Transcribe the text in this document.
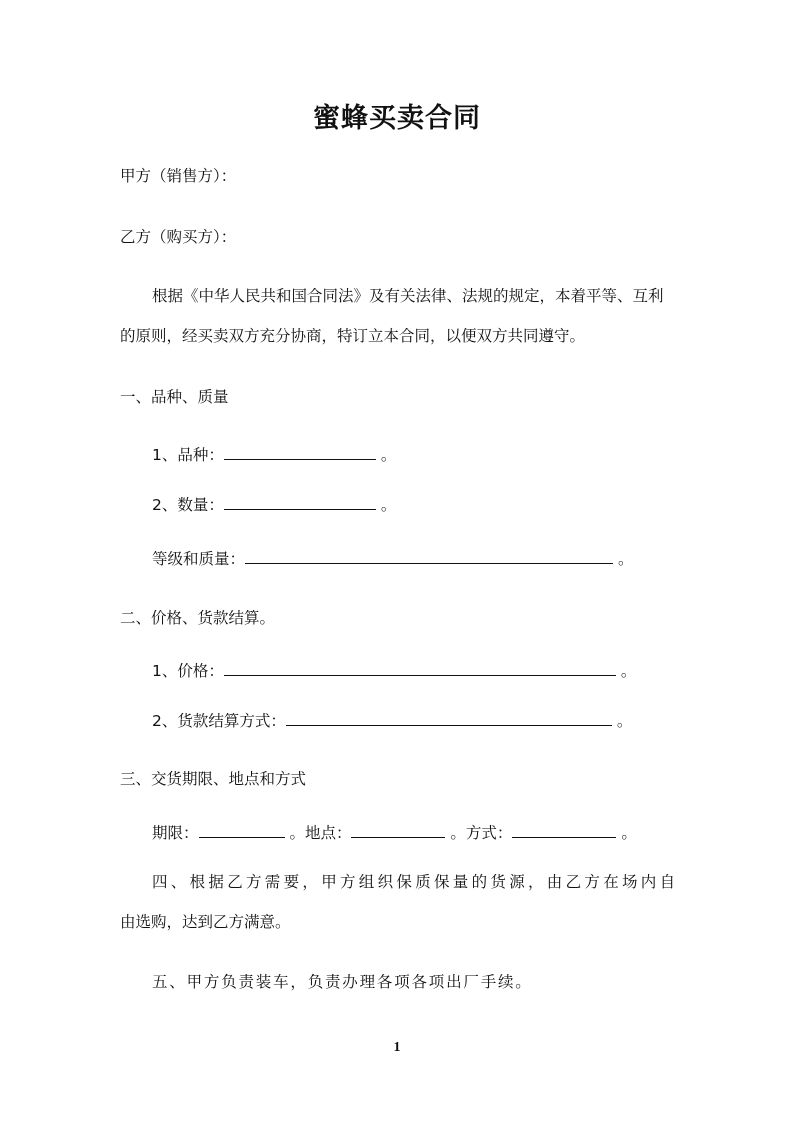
蜜蜂买卖合同
甲方（销售方）：
乙方（购买方）：
根据《中华人民共和国合同法》及有关法律、法规的规定，本着平等、互利
的原则，经买卖双方充分协商，特订立本合同，以便双方共同遵守。
一、品种、质量
1、品种：	。
2、数量：	。
等级和质量：	。
二、价格、货款结算。
1、价格：	。
2、货款结算方式：	。
三、交货期限、地点和方式
期限：	。地点：	。方式：	。
四、根据乙方需要，甲方组织保质保量的货源，由乙方在场内自
由选购，达到乙方满意。
五、甲方负责装车，负责办理各项各项出厂手续。
1
